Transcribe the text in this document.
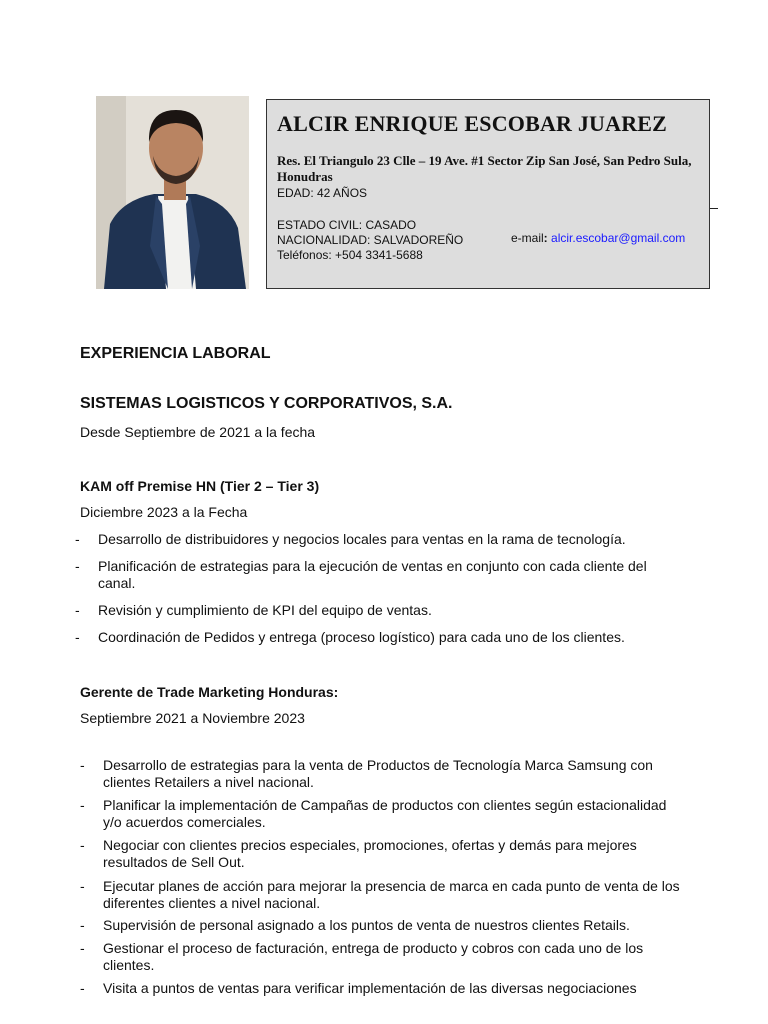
ALCIR ENRIQUE ESCOBAR JUAREZ
Res. El Triangulo 23 Clle – 19 Ave. #1 Sector Zip San José, San Pedro Sula, Honudras
EDAD: 42 AÑOS
ESTADO CIVIL: CASADO
NACIONALIDAD: SALVADOREÑO
Teléfonos: +504 3341-5688
e-mail: alcir.escobar@gmail.com
EXPERIENCIA LABORAL
SISTEMAS LOGISTICOS Y CORPORATIVOS, S.A.
Desde Septiembre de 2021 a la fecha
KAM off Premise HN (Tier 2 – Tier 3)
Diciembre 2023 a la Fecha
- Desarrollo de distribuidores y negocios locales para ventas en la rama de tecnología.
- Planificación de estrategias para la ejecución de ventas en conjunto con cada cliente del canal.
- Revisión y cumplimiento de KPI del equipo de ventas.
- Coordinación de Pedidos y entrega (proceso logístico) para cada uno de los clientes.
Gerente de Trade Marketing Honduras:
Septiembre 2021 a Noviembre 2023
- Desarrollo de estrategias para la venta de Productos de Tecnología Marca Samsung con clientes Retailers a nivel nacional.
- Planificar la implementación de Campañas de productos con clientes según estacionalidad y/o acuerdos comerciales.
- Negociar con clientes precios especiales, promociones, ofertas y demás para mejores resultados de Sell Out.
- Ejecutar planes de acción para mejorar la presencia de marca en cada punto de venta de los diferentes clientes a nivel nacional.
- Supervisión de personal asignado a los puntos de venta de nuestros clientes Retails.
- Gestionar el proceso de facturación, entrega de producto y cobros con cada uno de los clientes.
- Visita a puntos de ventas para verificar implementación de las diversas negociaciones
